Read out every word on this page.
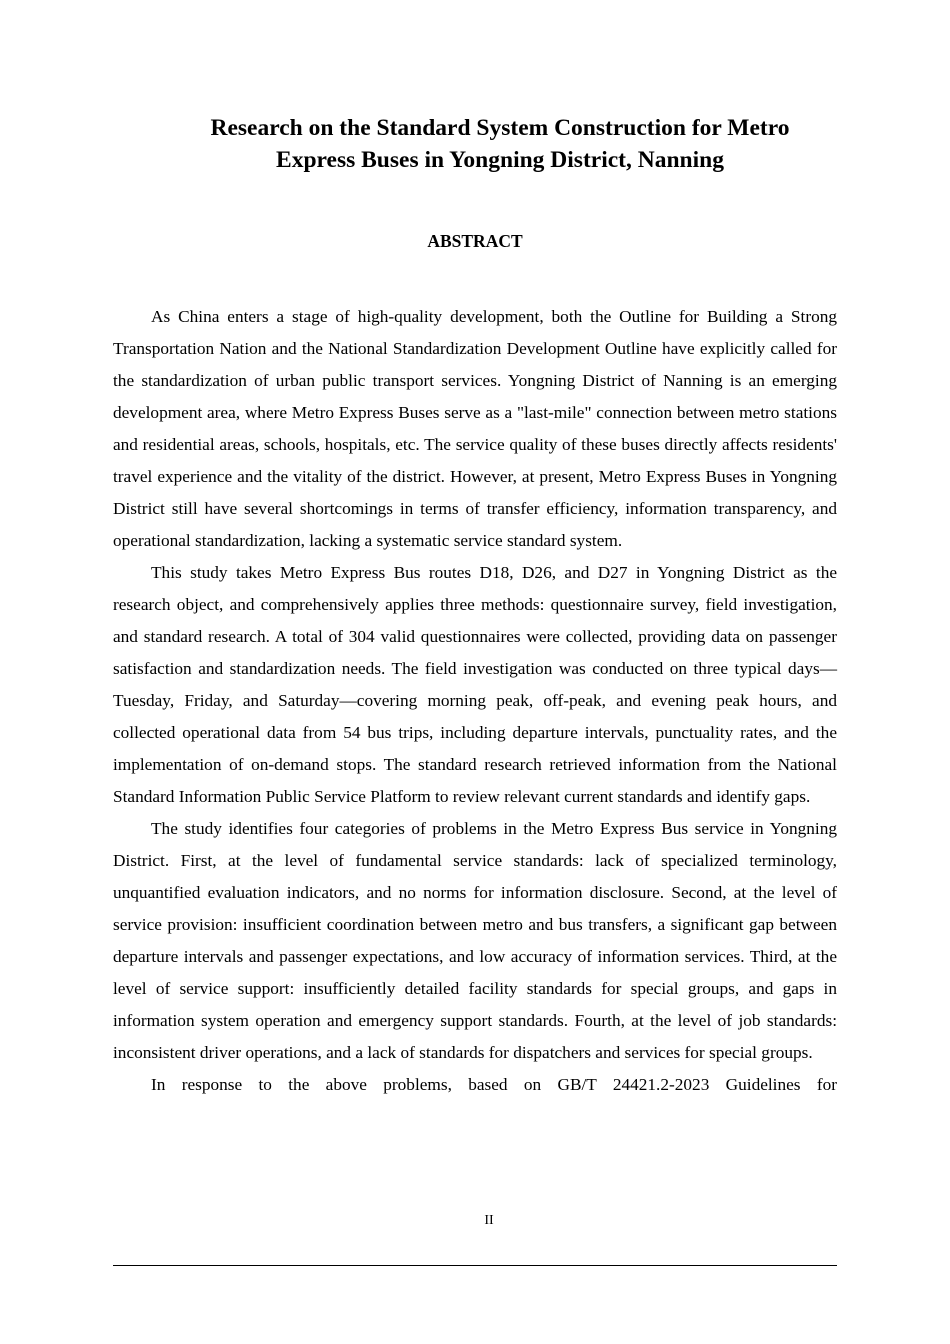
Research on the Standard System Construction for Metro
Express Buses in Yongning District, Nanning
ABSTRACT

As China enters a stage of high-quality development, both the Outline for Building a Strong Transportation Nation and the National Standardization Development Outline have explicitly called for the standardization of urban public transport services. Yongning District of Nanning is an emerging development area, where Metro Express Buses serve as a "last-mile" connection between metro stations and residential areas, schools, hospitals, etc. The service quality of these buses directly affects residents' travel experience and the vitality of the district. However, at present, Metro Express Buses in Yongning District still have several shortcomings in terms of transfer efficiency, information transparency, and operational standardization, lacking a systematic service standard system.

This study takes Metro Express Bus routes D18, D26, and D27 in Yongning District as the research object, and comprehensively applies three methods: questionnaire survey, field investigation, and standard research. A total of 304 valid questionnaires were collected, providing data on passenger satisfaction and standardization needs. The field investigation was conducted on three typical days—Tuesday, Friday, and Saturday—covering morning peak, off-peak, and evening peak hours, and collected operational data from 54 bus trips, including departure intervals, punctuality rates, and the implementation of on-demand stops. The standard research retrieved information from the National Standard Information Public Service Platform to review relevant current standards and identify gaps.

The study identifies four categories of problems in the Metro Express Bus service in Yongning District. First, at the level of fundamental service standards: lack of specialized terminology, unquantified evaluation indicators, and no norms for information disclosure. Second, at the level of service provision: insufficient coordination between metro and bus transfers, a significant gap between departure intervals and passenger expectations, and low accuracy of information services. Third, at the level of service support: insufficiently detailed facility standards for special groups, and gaps in information system operation and emergency support standards. Fourth, at the level of job standards: inconsistent driver operations, and a lack of standards for dispatchers and services for special groups.

In response to the above problems, based on GB/T 24421.2-2023 Guidelines for

II
